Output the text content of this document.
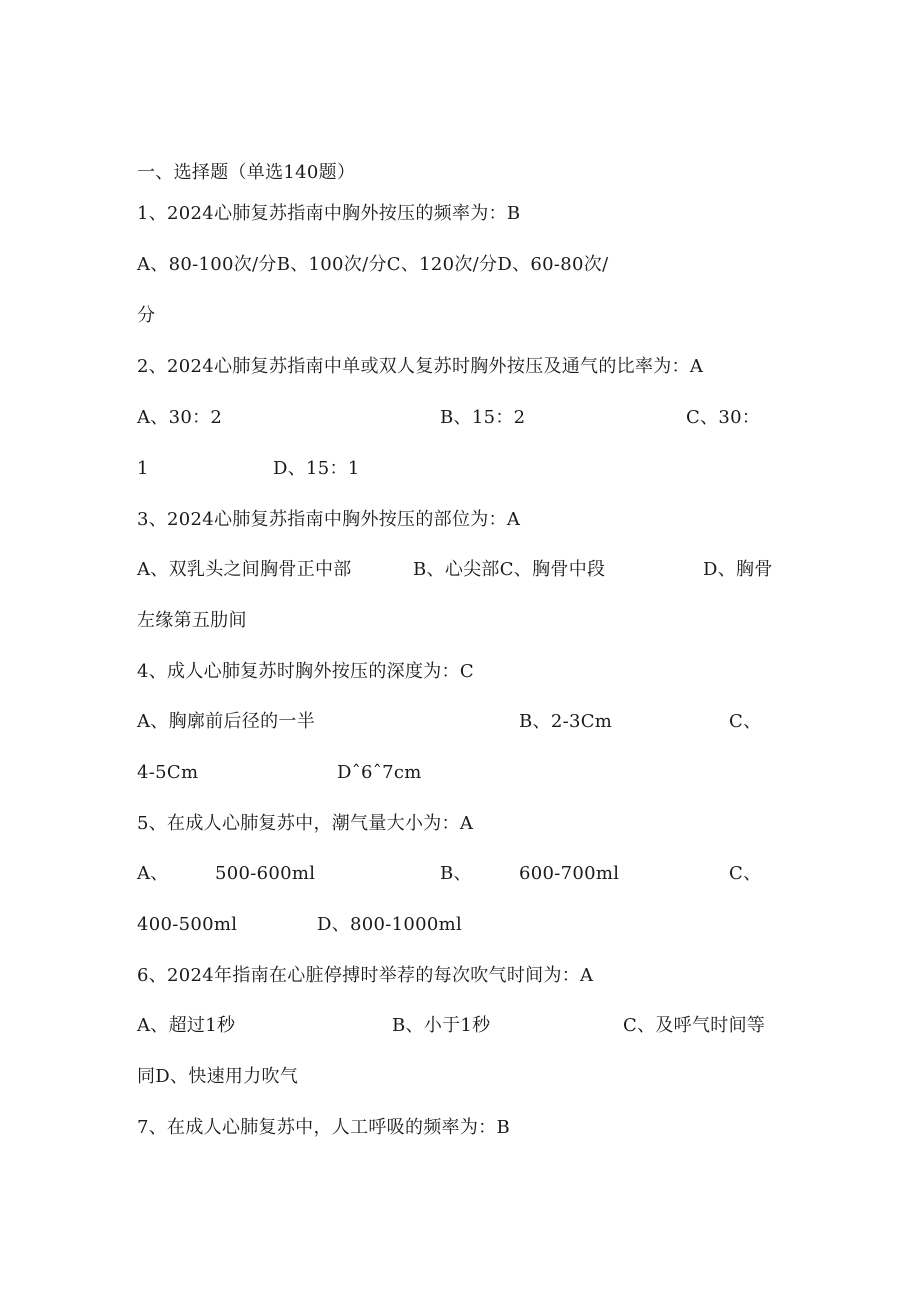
一、选择题（单选140题）
1、2024心肺复苏指南中胸外按压的频率为：B
A、80-100次/分B、100次/分C、120次/分D、60-80次/
分
2、2024心肺复苏指南中单或双人复苏时胸外按压及通气的比率为：A
A、30：2	B、15：2	C、30：
1	D、15：1
3、2024心肺复苏指南中胸外按压的部位为：A
A、双乳头之间胸骨正中部	B、心尖部C、胸骨中段	D、胸骨
左缘第五肋间
4、成人心肺复苏时胸外按压的深度为：C
A、胸廓前后径的一半	B、2-3Cm	C、
4-5Cm	Dˆ6ˆ7cm
5、在成人心肺复苏中，潮气量大小为：A
A、	500-600ml	B、	600-700ml	C、
400-500ml	D、800-1000ml
6、2024年指南在心脏停搏时举荐的每次吹气时间为：A
A、超过1秒	B、小于1秒	C、及呼气时间等
同D、快速用力吹气
7、在成人心肺复苏中，人工呼吸的频率为：B
